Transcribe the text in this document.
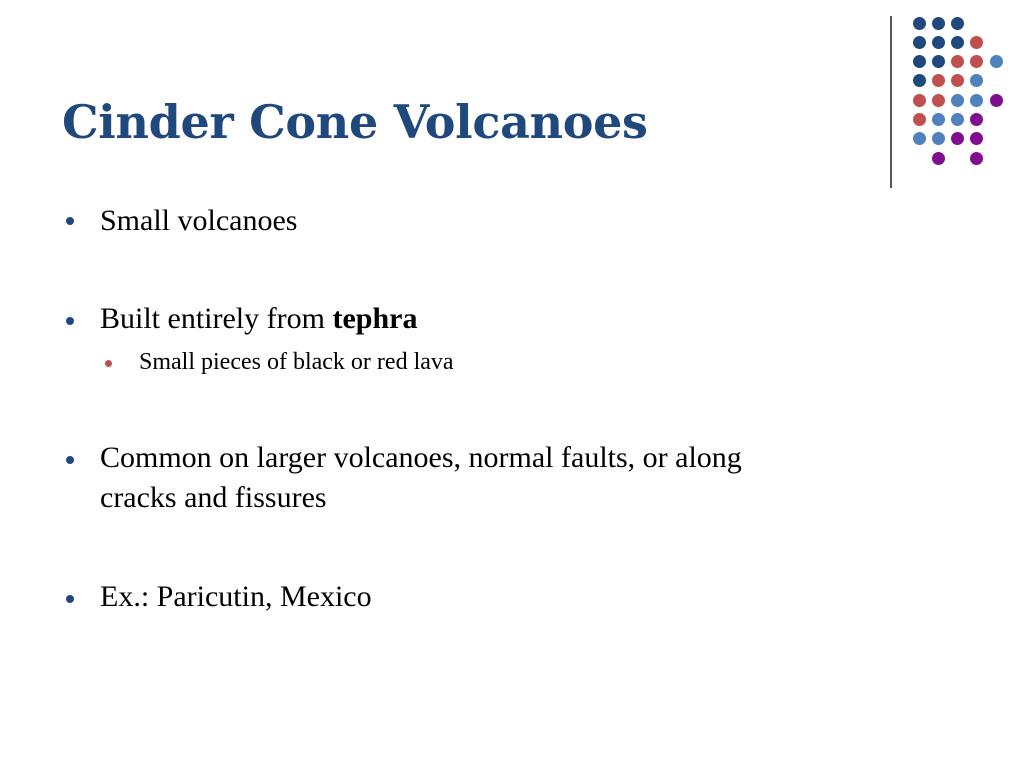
Cinder Cone Volcanoes
Small volcanoes
Built entirely from tephra
Small pieces of black or red lava
Common on larger volcanoes, normal faults, or along
cracks and fissures
Ex.: Paricutin, Mexico
